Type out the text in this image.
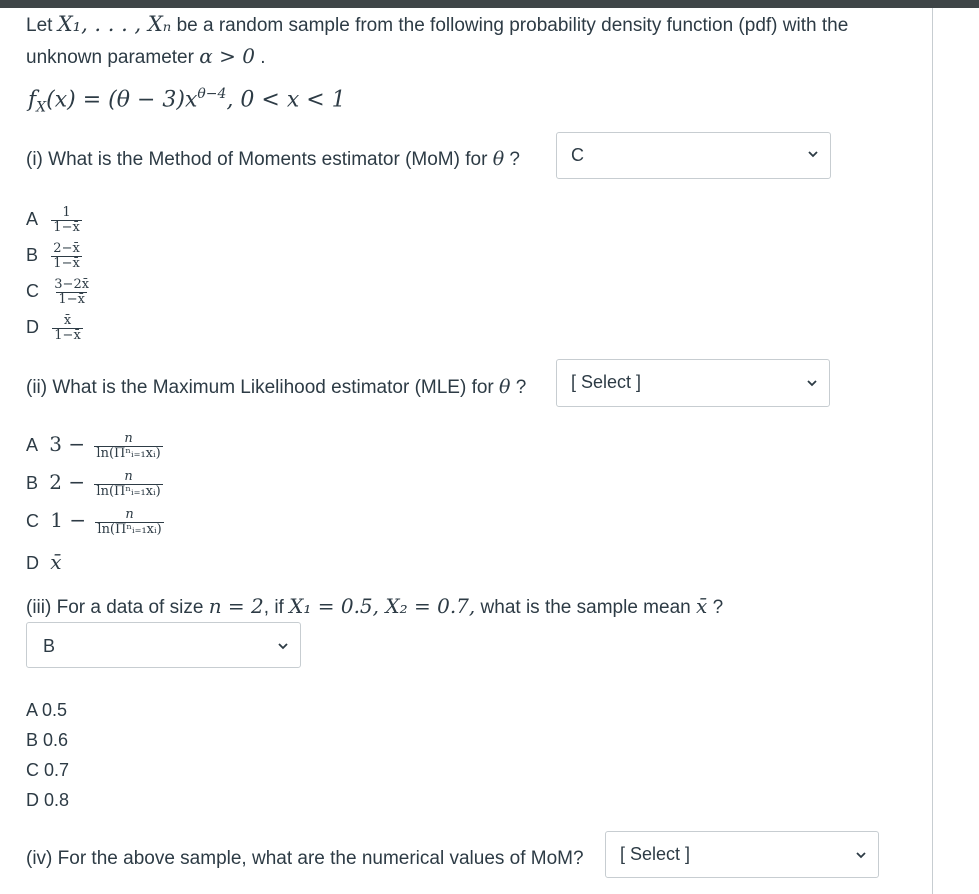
Let X₁, . . . , Xₙ be a random sample from the following probability density function (pdf) with the
unknown parameter α > 0 .
$f_X(x) = (\theta - 3)x^{\theta-4}$, 0 < x < 1
(i) What is the Method of Moments estimator (MoM) for θ ?	C
A $\frac{1}{1-x̄}$
B $\frac{2-x̄}{1-x̄}$
C $\frac{3-2x̄}{1-x̄}$
D $\frac{x̄}{1-x̄}$
(ii) What is the Maximum Likelihood estimator (MLE) for θ ? [ Select ]
A $3 - \frac{n}{\text{ln(Πⁿᵢ₌₁xᵢ)}}$
B $2 - \frac{n}{\text{ln(Πⁿᵢ₌₁xᵢ)}}$
C $1 - \frac{n}{\text{ln(Πⁿᵢ₌₁xᵢ)}}$
D x̄
(iii) For a data of size n = 2, if X₁ = 0.5, X₂ = 0.7, what is the sample mean x̄ ?
B
A 0.5
B 0.6
C 0.7
D 0.8
(iv) For the above sample, what are the numerical values of MoM? [ Select ]
